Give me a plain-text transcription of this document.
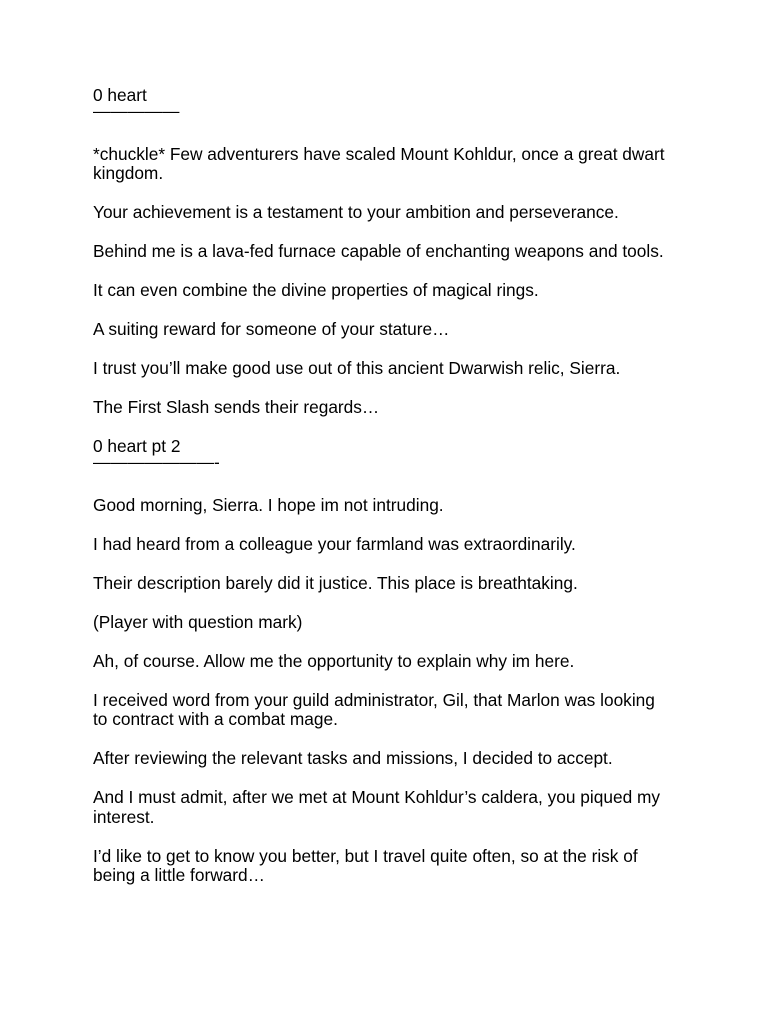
0 heart

—————

*chuckle* Few adventurers have scaled Mount Kohldur, once a great dwart kingdom.

Your achievement is a testament to your ambition and perseverance.

Behind me is a lava-fed furnace capable of enchanting weapons and tools.

It can even combine the divine properties of magical rings.

A suiting reward for someone of your stature…

I trust you’ll make good use out of this ancient Dwarwish relic, Sierra.

The First Slash sends their regards…

0 heart pt 2

———————-

Good morning, Sierra. I hope im not intruding.

I had heard from a colleague your farmland was extraordinarily.

Their description barely did it justice. This place is breathtaking.

(Player with question mark)

Ah, of course. Allow me the opportunity to explain why im here.

I received word from your guild administrator, Gil, that Marlon was looking to contract with a combat mage.

After reviewing the relevant tasks and missions, I decided to accept.

And I must admit, after we met at Mount Kohldur’s caldera, you piqued my interest.

I’d like to get to know you better, but I travel quite often, so at the risk of being a little forward…
